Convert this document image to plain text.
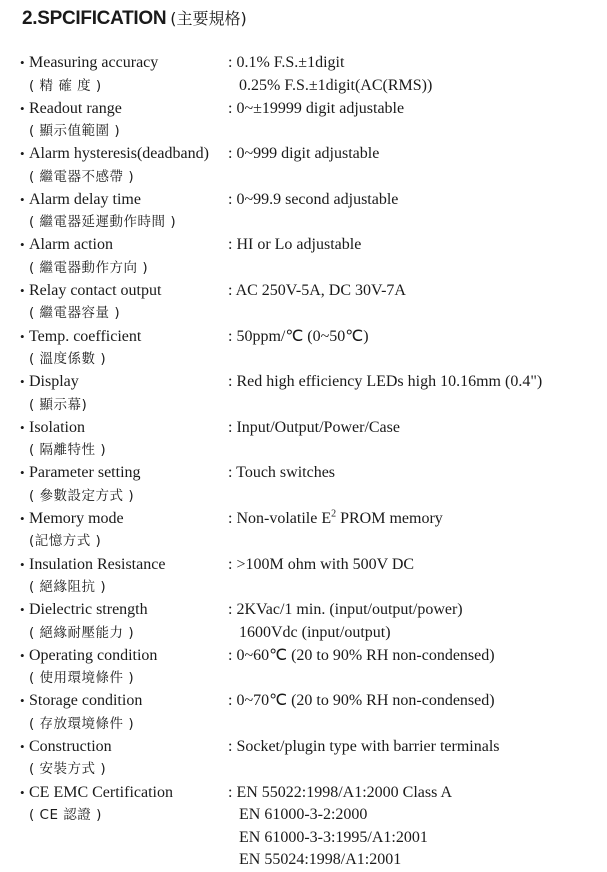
2.SPCIFICATION (主要規格)
• Measuring accuracy
( 精 確 度 )
: 0.1% F.S.±1digit
0.25% F.S.±1digit(AC(RMS))
• Readout range
( 顯示值範圍 )
: 0~±19999 digit adjustable
• Alarm hysteresis(deadband)
( 繼電器不感帶 )
: 0~999 digit adjustable
• Alarm delay time
( 繼電器延遲動作時間 )
: 0~99.9 second adjustable
• Alarm action
( 繼電器動作方向 )
: HI or Lo adjustable
• Relay contact output
( 繼電器容量 )
: AC 250V-5A, DC 30V-7A
• Temp. coefficient
( 溫度係數 )
: 50ppm/℃ (0~50℃)
• Display
( 顯示幕)
: Red high efficiency LEDs high 10.16mm (0.4")
• Isolation
( 隔離特性 )
: Input/Output/Power/Case
• Parameter setting
( 參數設定方式 )
: Touch switches
• Memory mode
(記憶方式 )
: Non-volatile $E^2$ PROM memory
• Insulation Resistance
( 絕緣阻抗 )
: >100M ohm with 500V DC
• Dielectric strength
( 絕緣耐壓能力 )
: 2KVac/1 min. (input/output/power)
1600Vdc (input/output)
• Operating condition
( 使用環境條件 )
: 0~60℃ (20 to 90% RH non-condensed)
• Storage condition
( 存放環境條件 )
: 0~70℃ (20 to 90% RH non-condensed)
• Construction
( 安裝方式 )
: Socket/plugin type with barrier terminals
• CE EMC Certification
( CE 認證 )
: EN 55022:1998/A1:2000 Class A
EN 61000-3-2:2000
EN 61000-3-3:1995/A1:2001
EN 55024:1998/A1:2001
